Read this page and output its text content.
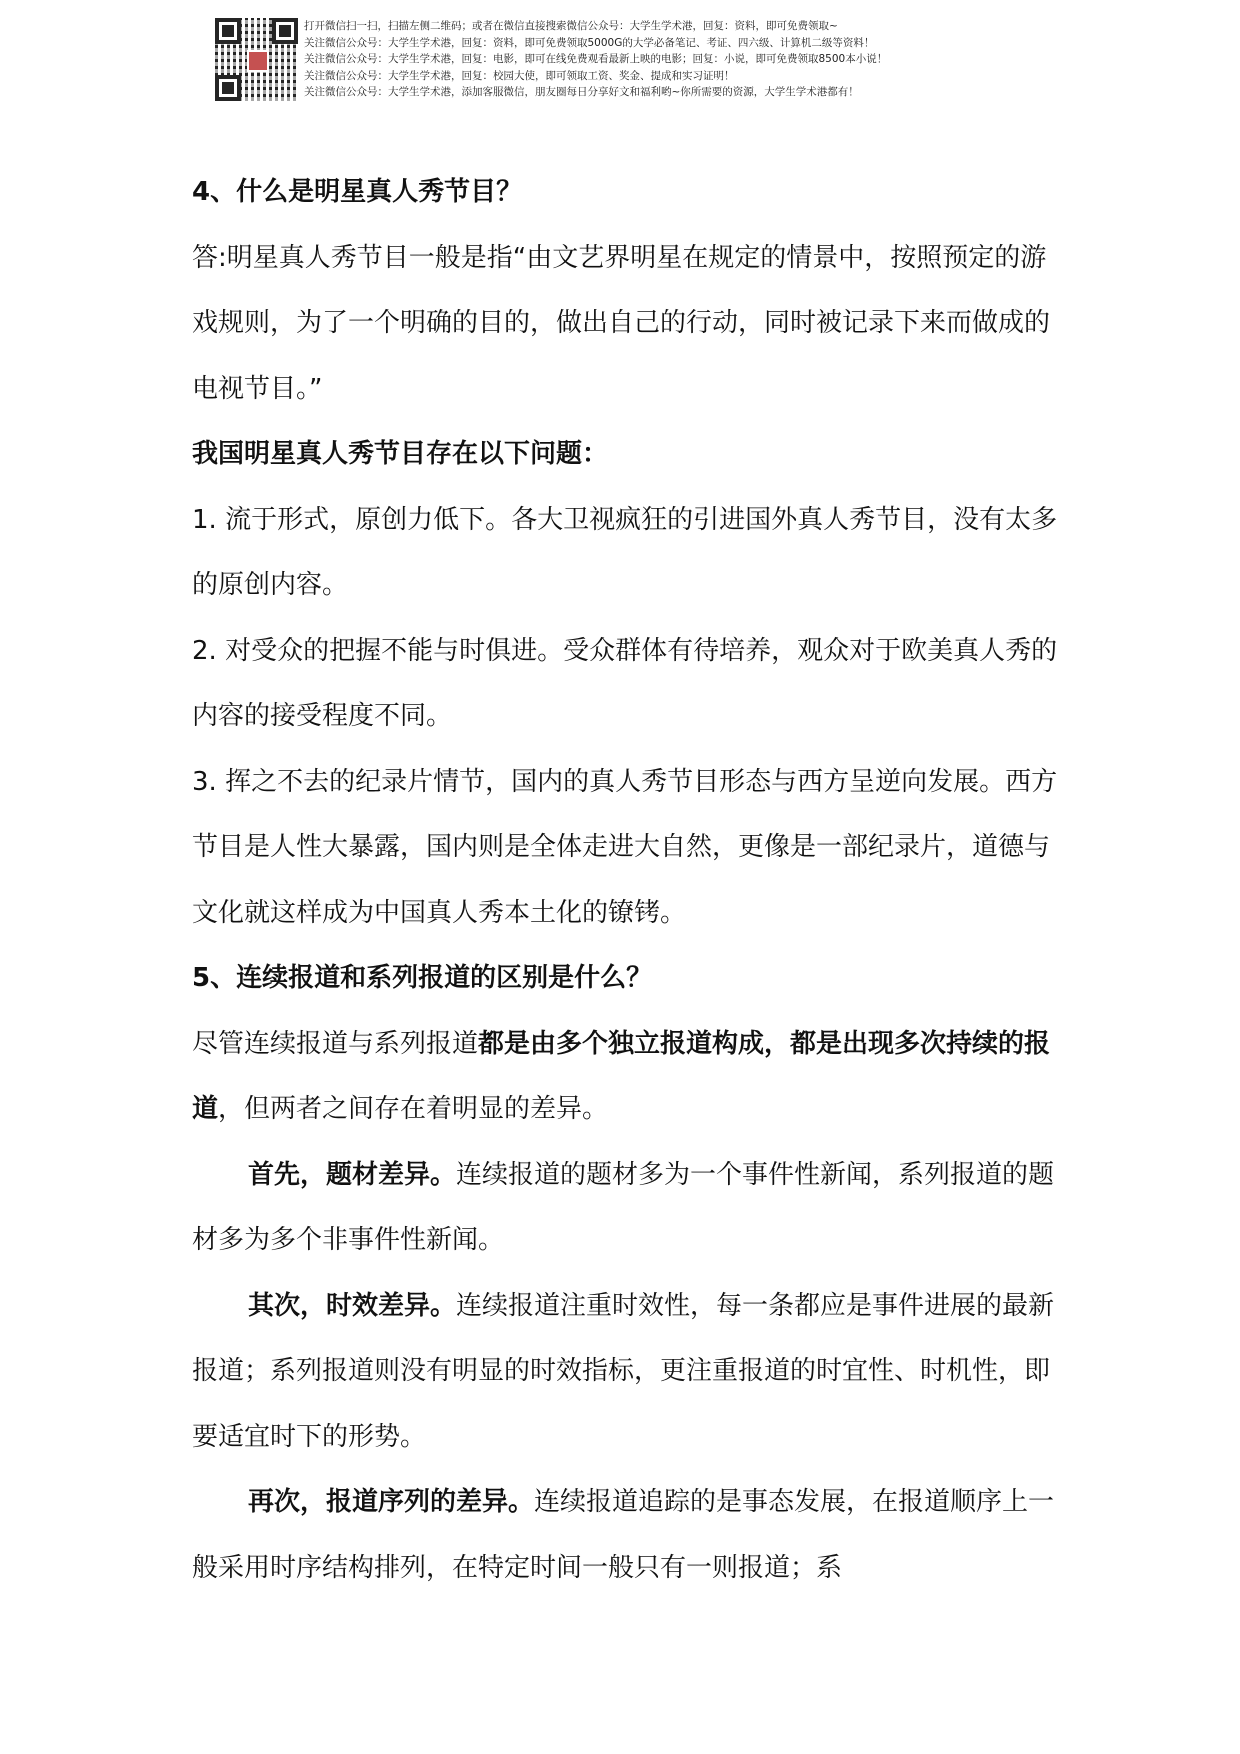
打开微信扫一扫，扫描左侧二维码；或者在微信直接搜索微信公众号：大学生学术港，回复：资料，即可免费领取~
关注微信公众号：大学生学术港，回复：资料，即可免费领取5000G的大学必备笔记、考证、四六级、计算机二级等资料！
关注微信公众号：大学生学术港，回复：电影，即可在线免费观看最新上映的电影；回复：小说，即可免费领取8500本小说！
关注微信公众号：大学生学术港，回复：校园大使，即可领取工资、奖金、提成和实习证明！
关注微信公众号：大学生学术港，添加客服微信，朋友圈每日分享好文和福利哟~你所需要的资源，大学生学术港都有！

4、什么是明星真人秀节目？

答:明星真人秀节目一般是指“由文艺界明星在规定的情景中，按照预定的游戏规则，为了一个明确的目的，做出自己的行动，同时被记录下来而做成的电视节目。”

我国明星真人秀节目存在以下问题：

1. 流于形式，原创力低下。各大卫视疯狂的引进国外真人秀节目，没有太多的原创内容。

2. 对受众的把握不能与时俱进。受众群体有待培养，观众对于欧美真人秀的内容的接受程度不同。

3. 挥之不去的纪录片情节，国内的真人秀节目形态与西方呈逆向发展。西方节目是人性大暴露，国内则是全体走进大自然，更像是一部纪录片，道德与文化就这样成为中国真人秀本土化的镣铐。

5、连续报道和系列报道的区别是什么？

尽管连续报道与系列报道都是由多个独立报道构成，都是出现多次持续的报道，但两者之间存在着明显的差异。

首先，题材差异。连续报道的题材多为一个事件性新闻，系列报道的题材多为多个非事件性新闻。

其次，时效差异。连续报道注重时效性，每一条都应是事件进展的最新报道；系列报道则没有明显的时效指标，更注重报道的时宜性、时机性，即要适宜时下的形势。

再次，报道序列的差异。连续报道追踪的是事态发展，在报道顺序上一般采用时序结构排列，在特定时间一般只有一则报道；系
